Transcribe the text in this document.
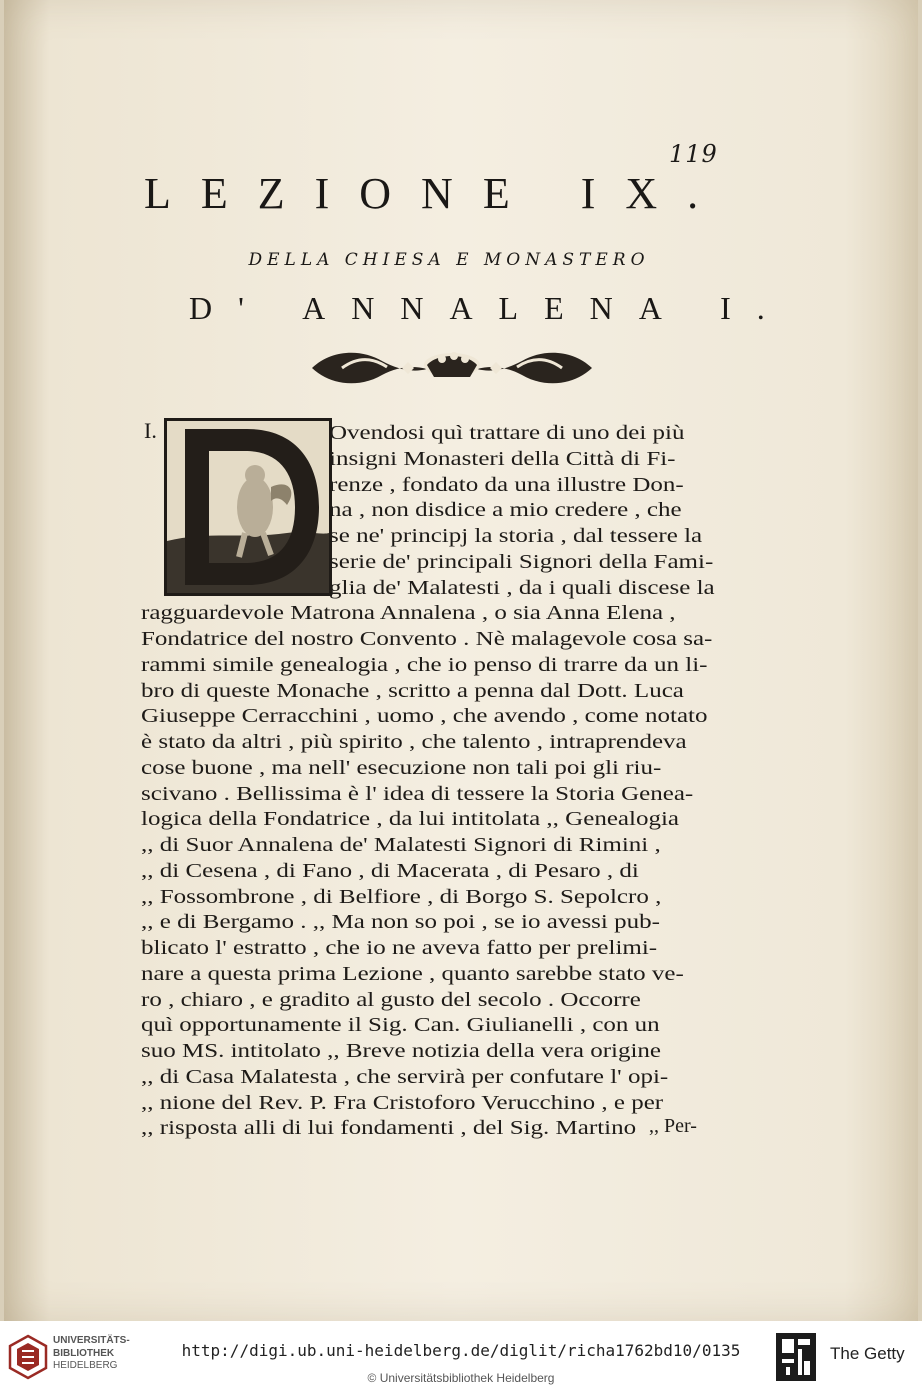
119
LEZIONE IX.
DELLA CHIESA E MONASTERO
D' ANNALENA I.
I.	Ovendosi quì trattare di uno dei più
insigni Monasteri della Città di Fi-
renze , fondato da una illustre Don-
na , non disdice a mio credere , che
se ne' principj la storia , dal tessere la
serie de' principali Signori della Fami-
glia de' Malatesti , da i quali discese la
ragguardevole Matrona Annalena , o sia Anna Elena ,
Fondatrice del nostro Convento . Nè malagevole cosa sa-
rammi simile genealogia , che io penso di trarre da un li-
bro di queste Monache , scritto a penna dal Dott. Luca
Giuseppe Cerracchini , uomo , che avendo , come notato
è stato da altri , più spirito , che talento , intraprendeva
cose buone , ma nell' esecuzione non tali poi gli riu-
scivano . Bellissima è l' idea di tessere la Storia Genea-
logica della Fondatrice , da lui intitolata ,, Genealogia
,, di Suor Annalena de' Malatesti Signori di Rimini ,
,, di Cesena , di Fano , di Macerata , di Pesaro , di
,, Fossombrone , di Belfiore , di Borgo S. Sepolcro ,
,, e di Bergamo . ,, Ma non so poi , se io avessi pub-
blicato l' estratto , che io ne aveva fatto per prelimi-
nare a questa prima Lezione , quanto sarebbe stato ve-
ro , chiaro , e gradito al gusto del secolo . Occorre
quì opportunamente il Sig. Can. Giulianelli , con un
suo MS. intitolato ,, Breve notizia della vera origine
,, di Casa Malatesta , che servirà per confutare l' opi-
,, nione del Rev. P. Fra Cristoforo Verucchino , e per
,, risposta alli di lui fondamenti , del Sig. Martino ,, Per-
UNIVERSITÄTS-
BIBLIOTHEK
HEIDELBERG
http://digi.ub.uni-heidelberg.de/diglit/richa1762bd10/0135
© Universitätsbibliothek Heidelberg
The Getty
